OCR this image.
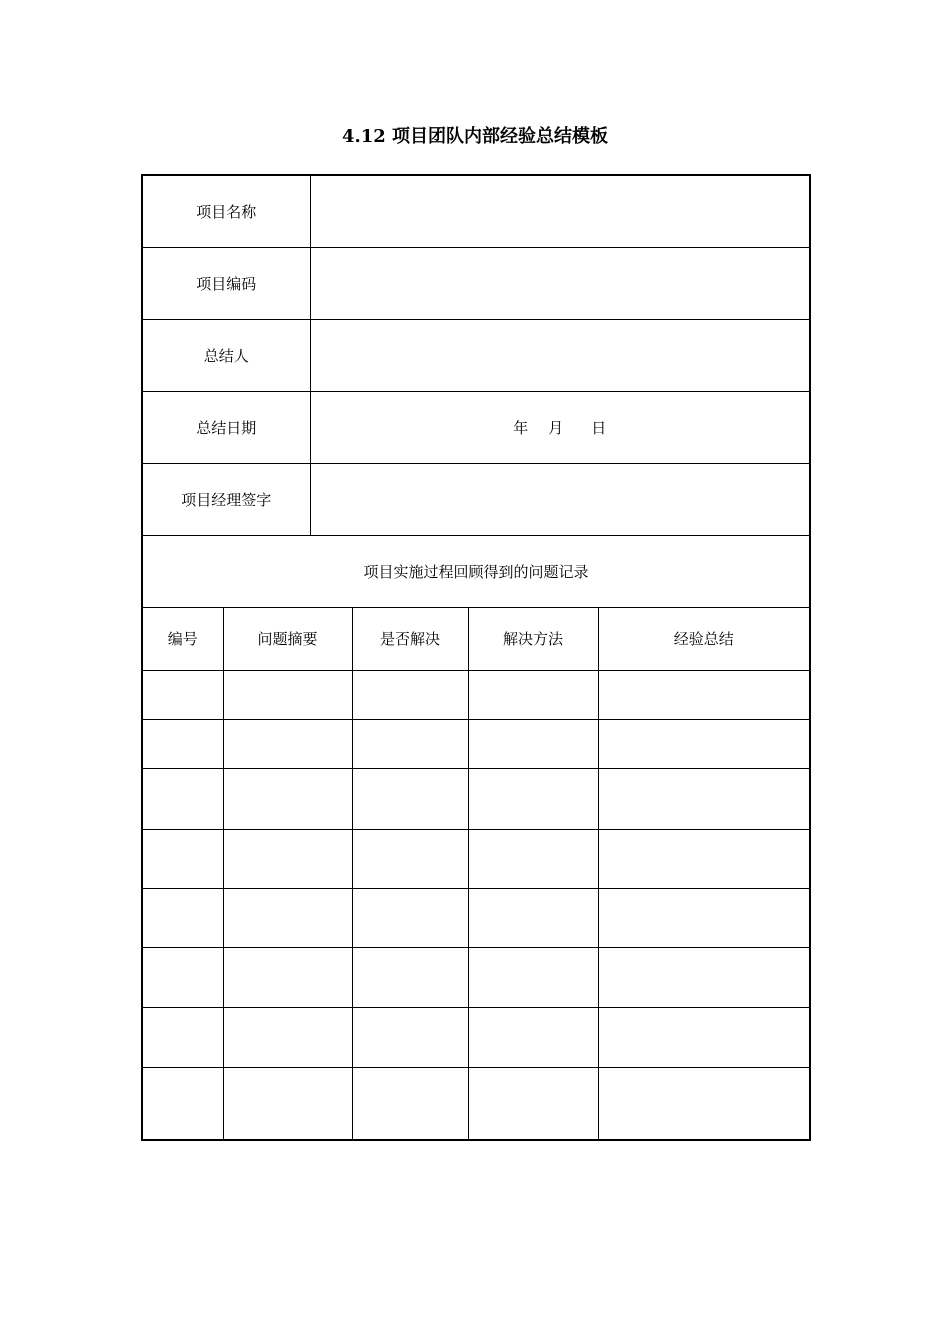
4.12 项目团队内部经验总结模板
项目名称					
项目编码					
总结人					
总结日期		年 月 日			
项目经理签字					
项目实施过程回顾得到的问题记录					
编号	问题摘要		是否解决	解决方法	经验总结
